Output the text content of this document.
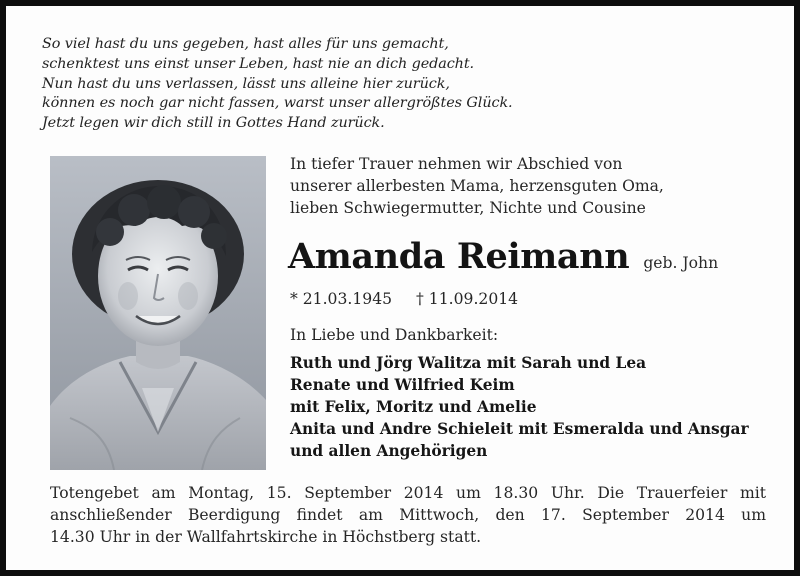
So viel hast du uns gegeben, hast alles für uns gemacht,
schenktest uns einst unser Leben, hast nie an dich gedacht.
Nun hast du uns verlassen, lässt uns alleine hier zurück,
können es noch gar nicht fassen, warst unser allergrößtes Glück.
Jetzt legen wir dich still in Gottes Hand zurück.
In tiefer Trauer nehmen wir Abschied von
unserer allerbesten Mama, herzensguten Oma,
lieben Schwiegermutter, Nichte und Cousine
Amanda Reimann geb. John
* 21.03.1945 † 11.09.2014
In Liebe und Dankbarkeit:
Ruth und Jörg Walitza mit Sarah und Lea
Renate und Wilfried Keim
mit Felix, Moritz und Amelie
Anita und Andre Schieleit mit Esmeralda und Ansgar
und allen Angehörigen
Totengebet am Montag, 15. September 2014 um 18.30 Uhr. Die Trauerfeier mit
anschließender Beerdigung findet am Mittwoch, den 17. September 2014 um
14.30 Uhr in der Wallfahrtskirche in Höchstberg statt.
